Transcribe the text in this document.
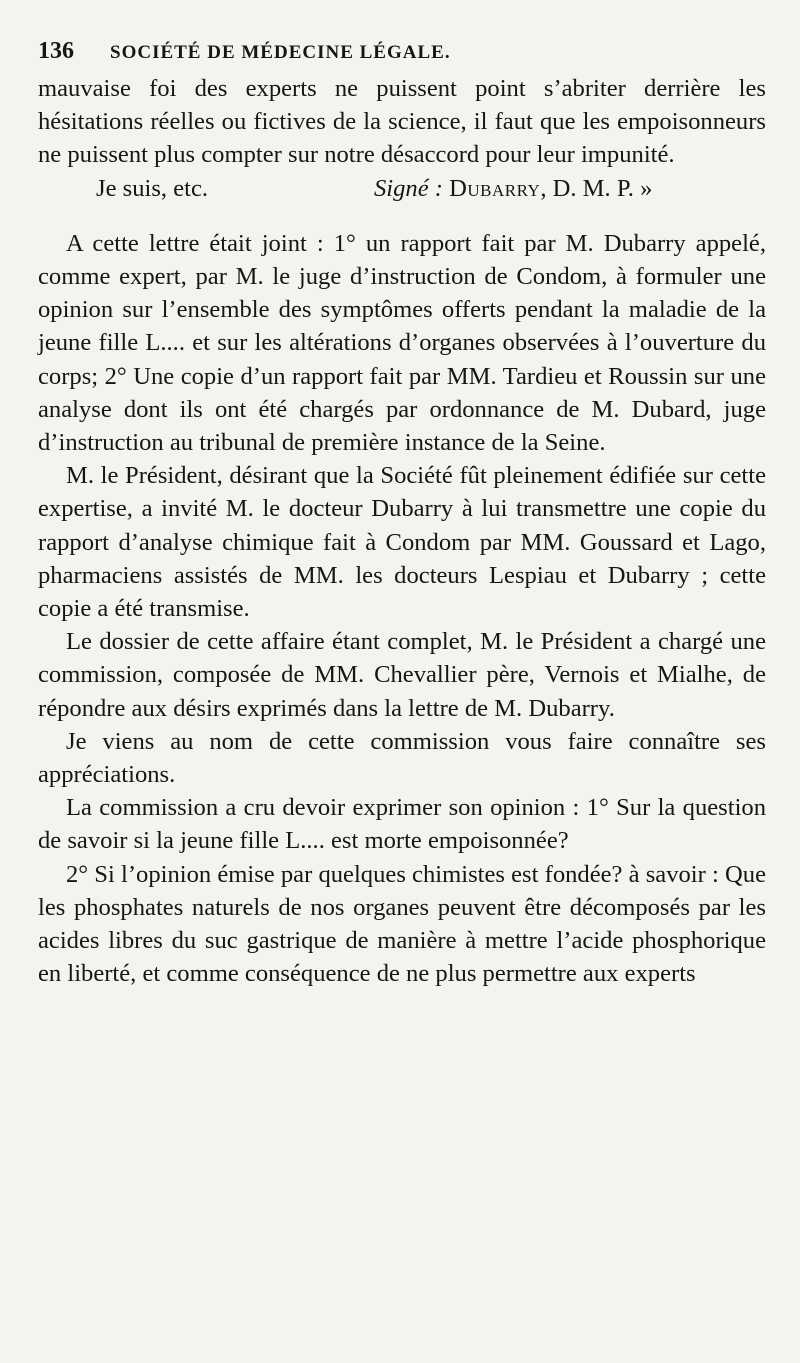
136 SOCIÉTÉ DE MÉDECINE LÉGALE.

mauvaise foi des experts ne puissent point s’abriter derrière les hésitations réelles ou fictives de la science, il faut que les empoisonneurs ne puissent plus compter sur notre désaccord pour leur impunité.

Je suis, etc.	Signé : Dubarry, D. M. P. »

A cette lettre était joint : 1° un rapport fait par M. Dubarry appelé, comme expert, par M. le juge d’instruction de Condom, à formuler une opinion sur l’ensemble des symptômes offerts pendant la maladie de la jeune fille L.... et sur les altérations d’organes observées à l’ouverture du corps; 2° Une copie d’un rapport fait par MM. Tardieu et Roussin sur une analyse dont ils ont été chargés par ordonnance de M. Dubard, juge d’instruction au tribunal de première instance de la Seine.

M. le Président, désirant que la Société fût pleinement édifiée sur cette expertise, a invité M. le docteur Dubarry à lui transmettre une copie du rapport d’analyse chimique fait à Condom par MM. Goussard et Lago, pharmaciens assistés de MM. les docteurs Lespiau et Dubarry ; cette copie a été transmise.

Le dossier de cette affaire étant complet, M. le Président a chargé une commission, composée de MM. Chevallier père, Vernois et Mialhe, de répondre aux désirs exprimés dans la lettre de M. Dubarry.

Je viens au nom de cette commission vous faire connaître ses appréciations.

La commission a cru devoir exprimer son opinion : 1° Sur la question de savoir si la jeune fille L.... est morte empoisonnée?

2° Si l’opinion émise par quelques chimistes est fondée? à savoir : Que les phosphates naturels de nos organes peuvent être décomposés par les acides libres du suc gastrique de manière à mettre l’acide phosphorique en liberté, et comme conséquence de ne plus permettre aux experts
